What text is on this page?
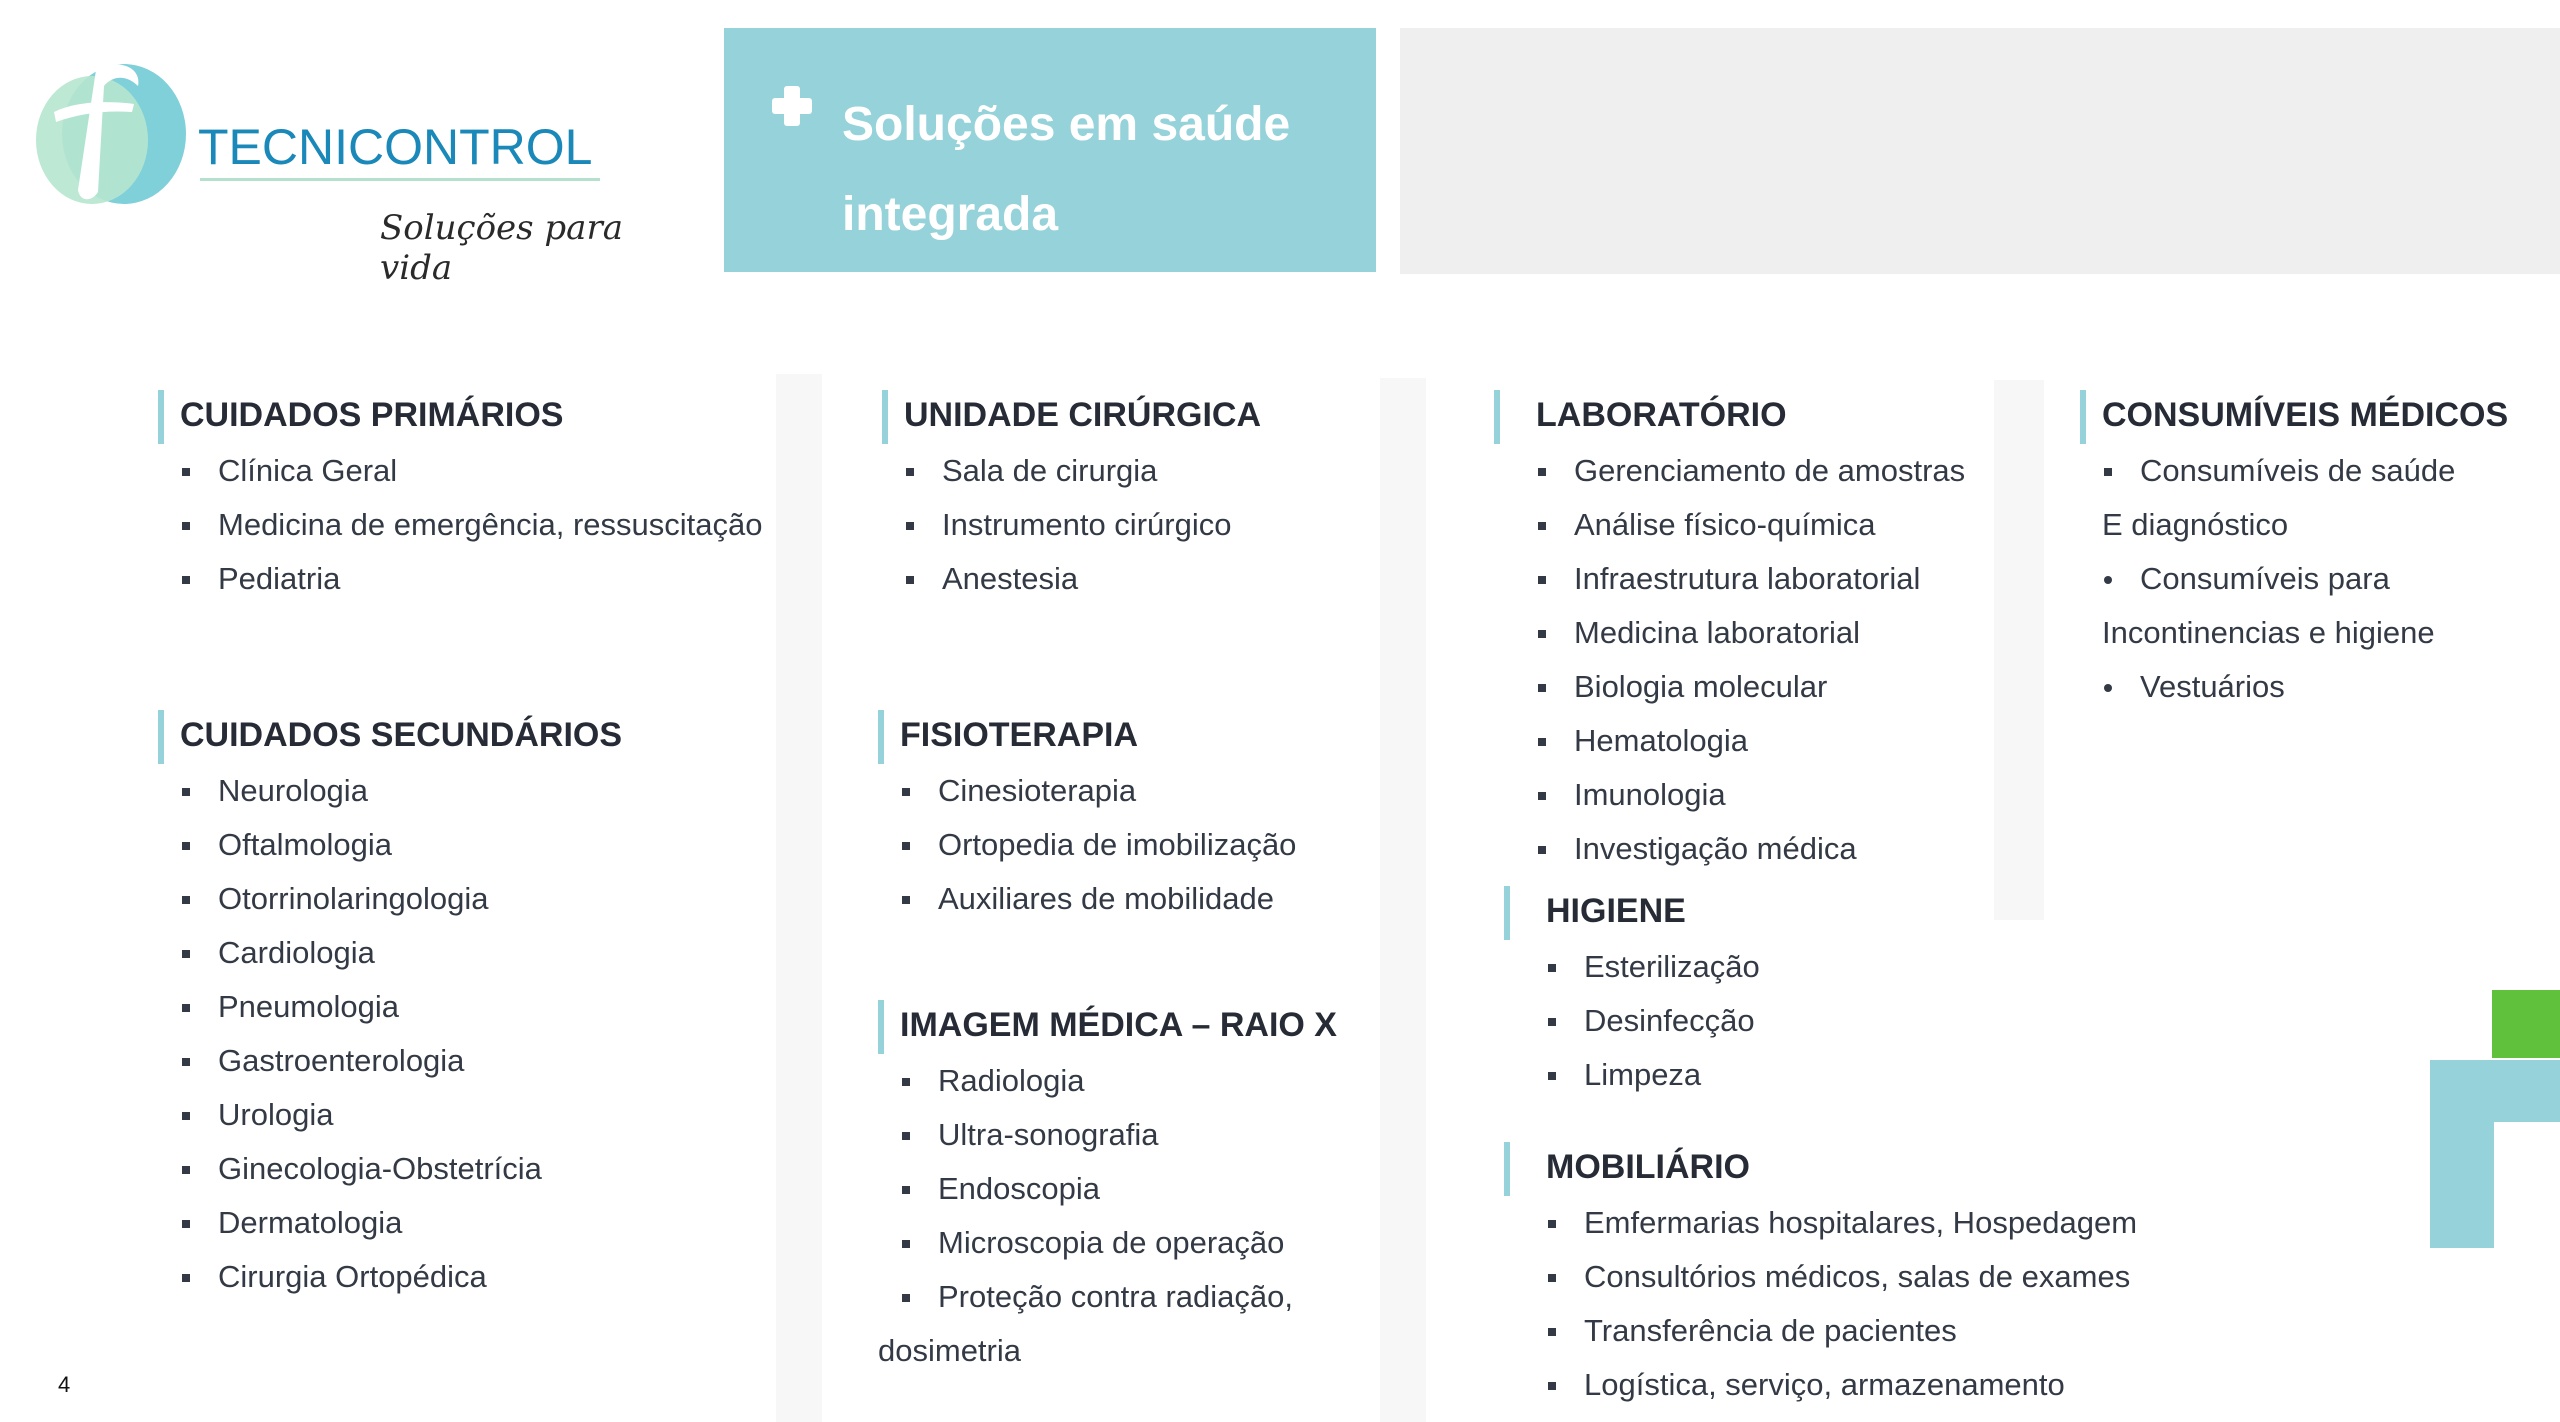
TECNICONTROL
Soluções para vida
Soluções em saúde integrada
CUIDADOS PRIMÁRIOS
Clínica Geral
Medicina de emergência, ressuscitação
Pediatria
CUIDADOS SECUNDÁRIOS
Neurologia
Oftalmologia
Otorrinolaringologia
Cardiologia
Pneumologia
Gastroenterologia
Urologia
Ginecologia-Obstetrícia
Dermatologia
Cirurgia Ortopédica
UNIDADE CIRÚRGICA
Sala de cirurgia
Instrumento cirúrgico
Anestesia
FISIOTERAPIA
Cinesioterapia
Ortopedia de imobilização
Auxiliares de mobilidade
IMAGEM MÉDICA – RAIO X
Radiologia
Ultra-sonografia
Endoscopia
Microscopia de operação
Proteção contra radiação,
dosimetria
LABORATÓRIO
Gerenciamento de amostras
Análise físico-química
Infraestrutura laboratorial
Medicina laboratorial
Biologia molecular
Hematologia
Imunologia
Investigação médica
HIGIENE
Esterilização
Desinfecção
Limpeza
MOBILIÁRIO
Emfermarias hospitalares, Hospedagem
Consultórios médicos, salas de exames
Transferência de pacientes
Logística, serviço, armazenamento
CONSUMÍVEIS MÉDICOS
Consumíveis de saúde
E diagnóstico
Consumíveis para
Incontinencias e higiene
Vestuários
4
